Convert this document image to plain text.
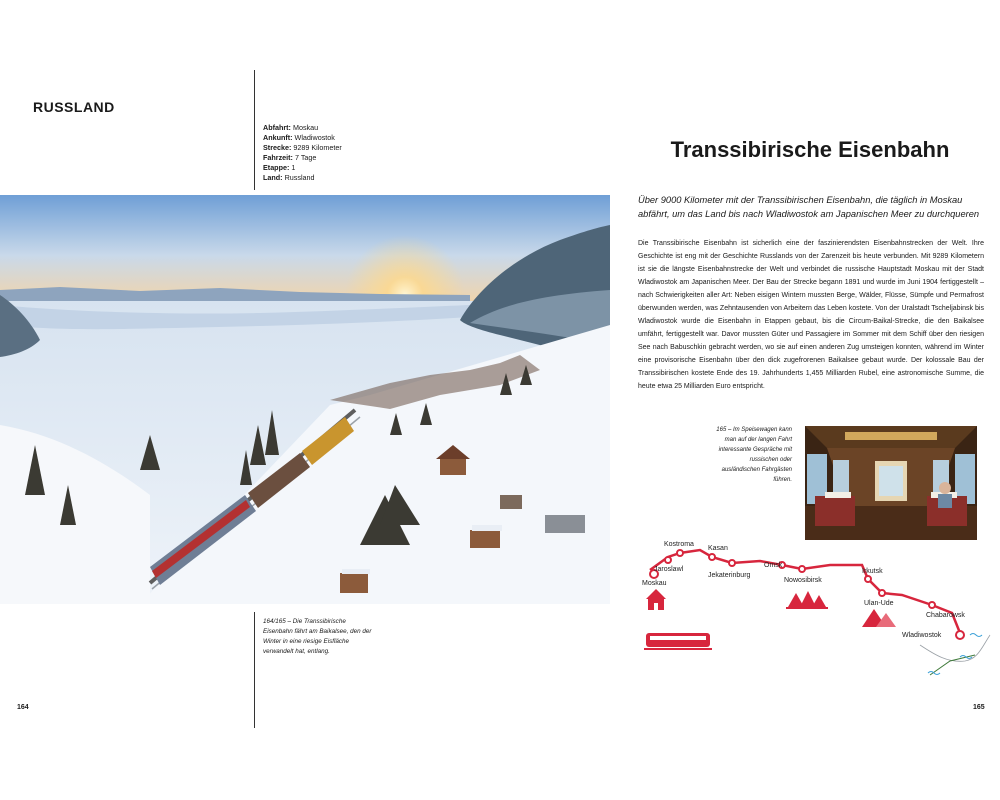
RUSSLAND
Abfahrt: Moskau
Ankunft: Wladiwostok
Strecke: 9289 Kilometer
Fahrzeit: 7 Tage
Etappe: 1
Land: Russland
164/165 – Die Transsibirische Eisenbahn fährt am Baikalsee, den der Winter in eine riesige Eisfläche verwandelt hat, entlang.
164
Transsibirische Eisenbahn
Über 9000 Kilometer mit der Transsibirischen Eisenbahn, die täglich in Moskau abfährt, um das Land bis nach Wladiwostok am Japanischen Meer zu durchqueren
Die Transsibirische Eisenbahn ist sicherlich eine der faszinierendsten Eisenbahnstrecken der Welt. Ihre Geschichte ist eng mit der Geschichte Russlands von der Zarenzeit bis heute verbunden. Mit 9289 Kilometern ist sie die längste Eisenbahnstrecke der Welt und verbindet die russische Hauptstadt Moskau mit der Stadt Wladiwostok am Japanischen Meer. Der Bau der Strecke begann 1891 und wurde im Juni 1904 fertiggestellt – nach Schwierigkeiten aller Art: Neben eisigen Wintern mussten Berge, Wälder, Flüsse, Sümpfe und Permafrost überwunden werden, was Zehntausenden von Arbeitern das Leben kostete. Von der Uralstadt Tscheljabinsk bis Wladiwostok wurde die Eisenbahn in Etappen gebaut, bis die Circum-Baikal-Strecke, die den Baikalsee umfährt, fertiggestellt war. Davor mussten Güter und Passagiere im Sommer mit dem Schiff über den riesigen See nach Babuschkin gebracht werden, wo sie auf einen anderen Zug umsteigen konnten, während im Winter eine provisorische Eisenbahn über den dick zugefrorenen Baikalsee gebaut wurde. Der kolossale Bau der Transsibirischen kostete Ende des 19. Jahrhunderts 1,455 Milliarden Rubel, eine astronomische Summe, die heute etwa 25 Milliarden Euro entspricht.
165 – Im Speisewagen kann man auf der langen Fahrt interessante Gespräche mit russischen oder ausländischen Fahrgästen führen.
Moskau
Jaroslawl
Kostroma
Kasan
Jekaterinburg
Omsk
Nowosibirsk
Irkutsk
Ulan-Ude
Chabarowsk
Wladiwostok
165
